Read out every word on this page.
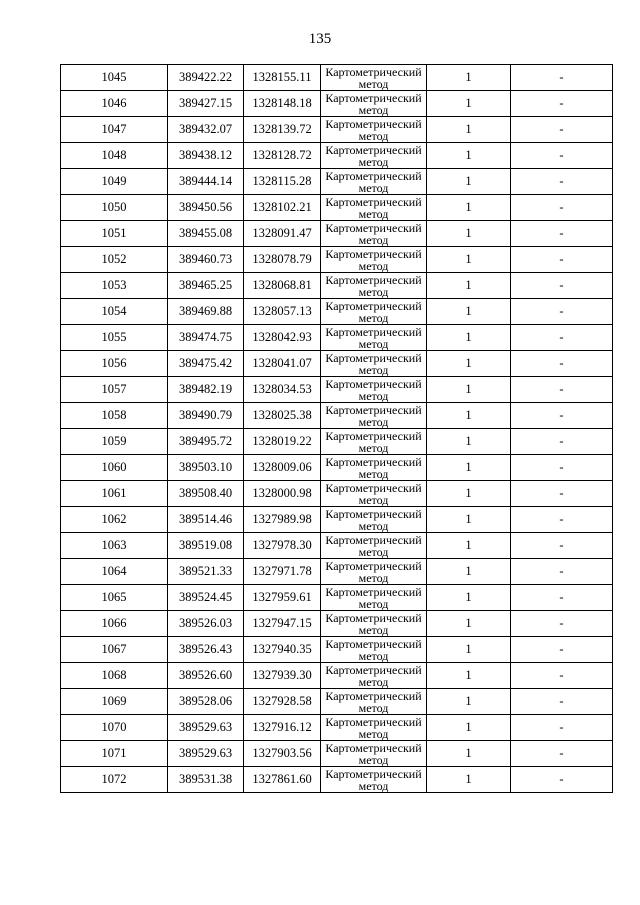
135
1045	389422.22	1328155.11	Картометрический метод	1	-
1046	389427.15	1328148.18	Картометрический метод	1	-
1047	389432.07	1328139.72	Картометрический метод	1	-
1048	389438.12	1328128.72	Картометрический метод	1	-
1049	389444.14	1328115.28	Картометрический метод	1	-
1050	389450.56	1328102.21	Картометрический метод	1	-
1051	389455.08	1328091.47	Картометрический метод	1	-
1052	389460.73	1328078.79	Картометрический метод	1	-
1053	389465.25	1328068.81	Картометрический метод	1	-
1054	389469.88	1328057.13	Картометрический метод	1	-
1055	389474.75	1328042.93	Картометрический метод	1	-
1056	389475.42	1328041.07	Картометрический метод	1	-
1057	389482.19	1328034.53	Картометрический метод	1	-
1058	389490.79	1328025.38	Картометрический метод	1	-
1059	389495.72	1328019.22	Картометрический метод	1	-
1060	389503.10	1328009.06	Картометрический метод	1	-
1061	389508.40	1328000.98	Картометрический метод	1	-
1062	389514.46	1327989.98	Картометрический метод	1	-
1063	389519.08	1327978.30	Картометрический метод	1	-
1064	389521.33	1327971.78	Картометрический метод	1	-
1065	389524.45	1327959.61	Картометрический метод	1	-
1066	389526.03	1327947.15	Картометрический метод	1	-
1067	389526.43	1327940.35	Картометрический метод	1	-
1068	389526.60	1327939.30	Картометрический метод	1	-
1069	389528.06	1327928.58	Картометрический метод	1	-
1070	389529.63	1327916.12	Картометрический метод	1	-
1071	389529.63	1327903.56	Картометрический метод	1	-
1072	389531.38	1327861.60	Картометрический метод	1	-
